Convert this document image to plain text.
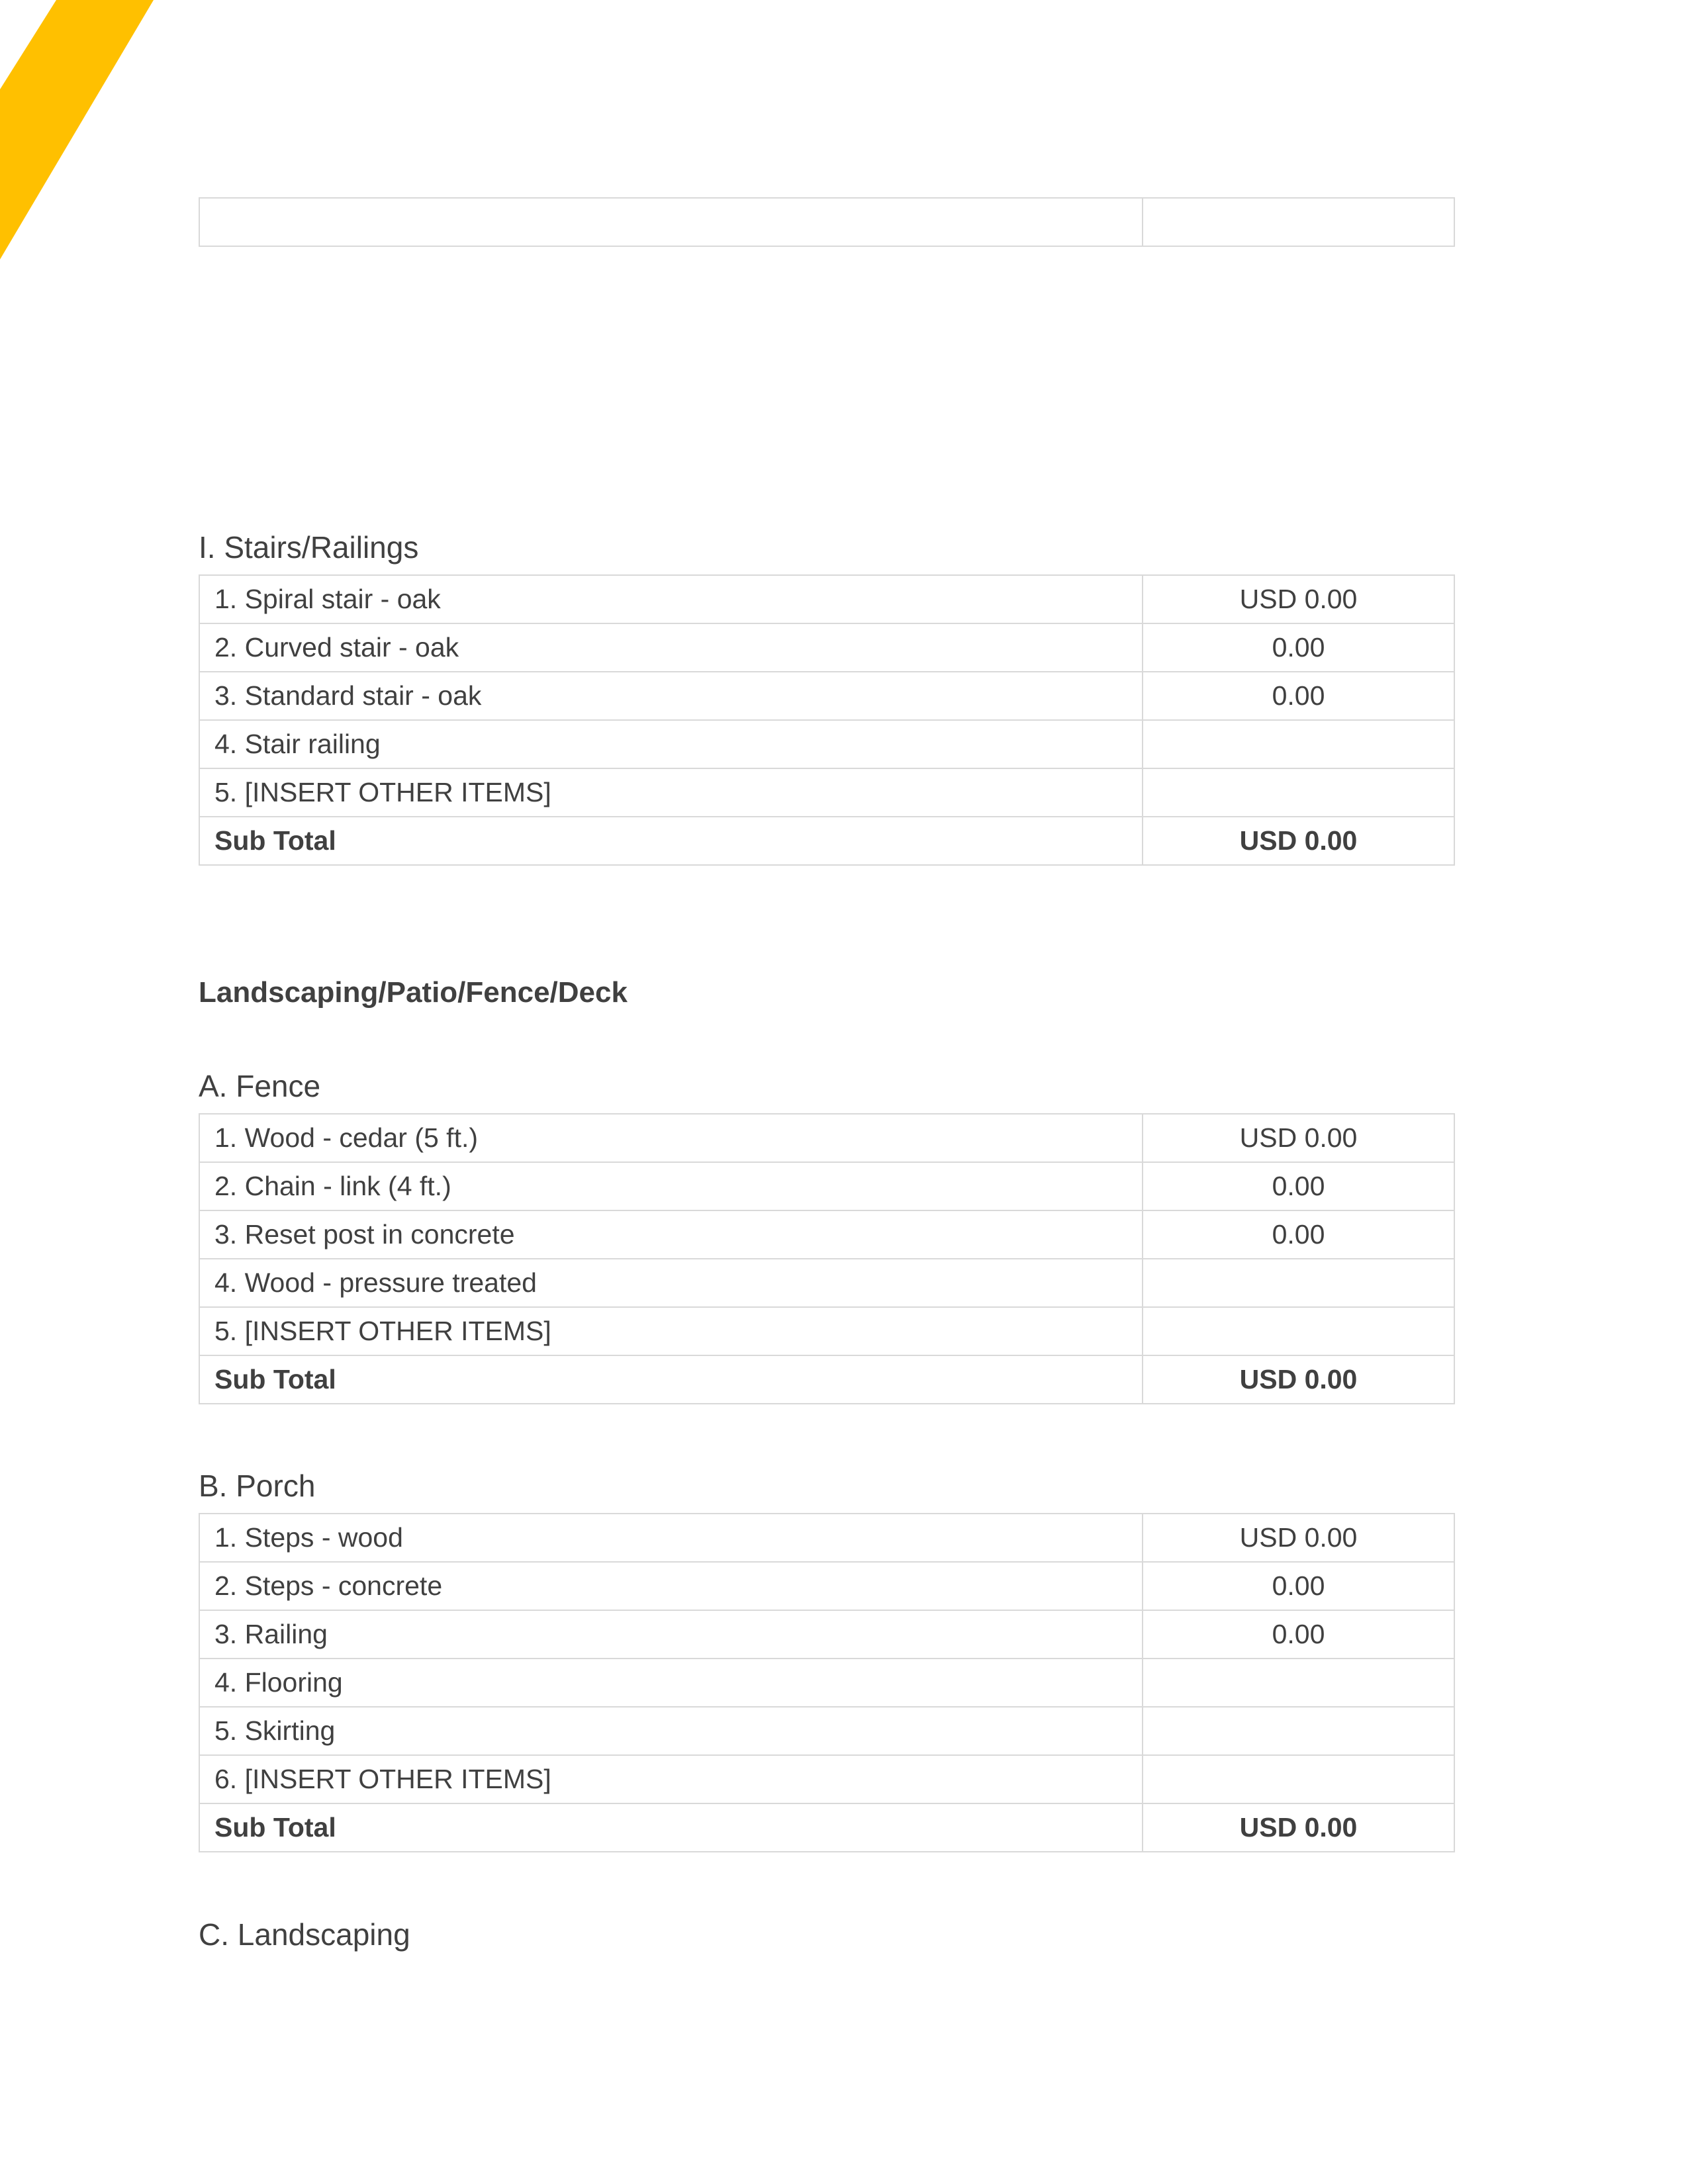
I. Stairs/Railings
1. Spiral stair - oak	USD 0.00
2. Curved stair - oak	0.00
3. Standard stair - oak	0.00
4. Stair railing	
5. [INSERT OTHER ITEMS]	
Sub Total	USD 0.00
Landscaping/Patio/Fence/Deck
A. Fence
1. Wood - cedar (5 ft.)	USD 0.00
2. Chain - link (4 ft.)	0.00
3. Reset post in concrete	0.00
4. Wood - pressure treated	
5. [INSERT OTHER ITEMS]	
Sub Total	USD 0.00
B. Porch
1. Steps - wood	USD 0.00
2. Steps - concrete	0.00
3. Railing	0.00
4. Flooring	
5. Skirting	
6. [INSERT OTHER ITEMS]	
Sub Total	USD 0.00
C. Landscaping
